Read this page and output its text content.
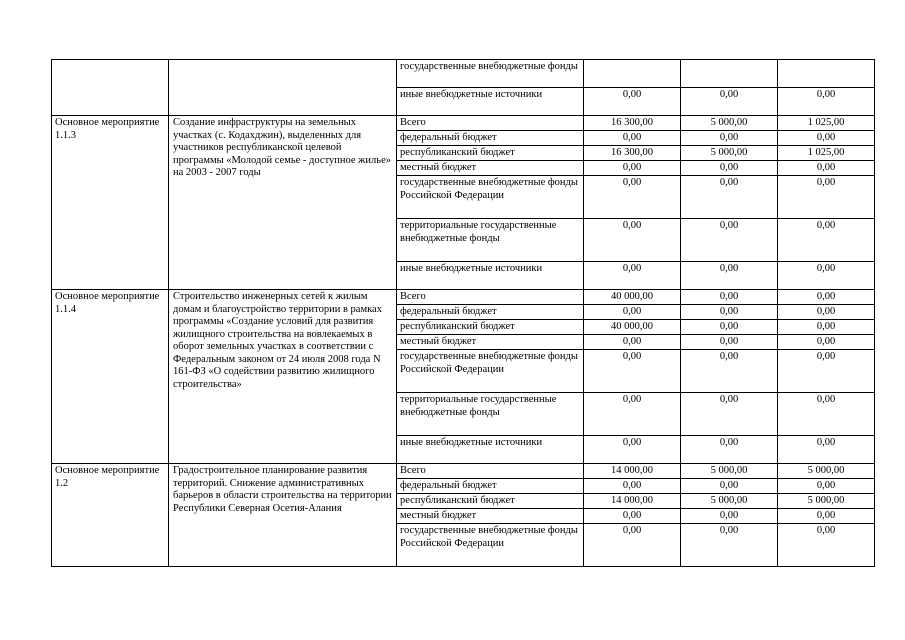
		государственные внебюджетные фонды			
		иные внебюджетные источники	0,00	0,00	0,00
Основное мероприятие 1.1.3	Создание инфраструктуры на земельных участках (с. Кодахджин), выделенных для участников республиканской целевой программы «Молодой семье - доступное жилье» на 2003 - 2007 годы	Всего	16 300,00	5 000,00	1 025,00
		федеральный бюджет	0,00	0,00	0,00
		республиканский бюджет	16 300,00	5 000,00	1 025,00
		местный бюджет	0,00	0,00	0,00
		государственные внебюджетные фонды Российской Федерации	0,00	0,00	0,00
		территориальные государственные внебюджетные фонды	0,00	0,00	0,00
		иные внебюджетные источники	0,00	0,00	0,00
Основное мероприятие 1.1.4	Строительство инженерных сетей к жилым домам и благоустройство территории в рамках программы «Создание условий для развития жилищного строительства на вовлекаемых в оборот земельных участках в соответствии с Федеральным законом от 24 июля 2008 года N 161-ФЗ «О содействии развитию жилищного строительства»	Всего	40 000,00	0,00	0,00
		федеральный бюджет	0,00	0,00	0,00
		республиканский бюджет	40 000,00	0,00	0,00
		местный бюджет	0,00	0,00	0,00
		государственные внебюджетные фонды Российской Федерации	0,00	0,00	0,00
		территориальные государственные внебюджетные фонды	0,00	0,00	0,00
		иные внебюджетные источники	0,00	0,00	0,00
Основное мероприятие 1.2	Градостроительное планирование развития территорий. Снижение административных барьеров в области строительства на территории Республики Северная Осетия-Алания	Всего	14 000,00	5 000,00	5 000,00
		федеральный бюджет	0,00	0,00	0,00
		республиканский бюджет	14 000,00	5 000,00	5 000,00
		местный бюджет	0,00	0,00	0,00
		государственные внебюджетные фонды Российской Федерации	0,00	0,00	0,00
